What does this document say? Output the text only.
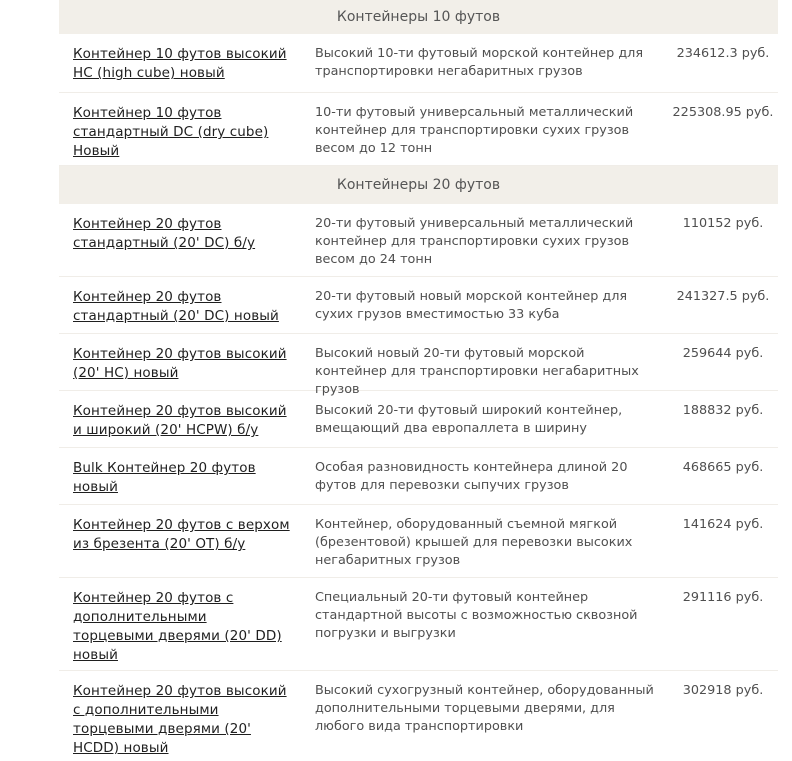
Контейнеры 10 футов
Контейнер 10 футов высокий HC (high cube) новый
Высокий 10-ти футовый морской контейнер для транспортировки негабаритных грузов
234612.3 руб.
Контейнер 10 футов стандартный DC (dry cube) Новый
10-ти футовый универсальный металлический контейнер для транспортировки сухих грузов весом до 12 тонн
225308.95 руб.
Контейнеры 20 футов
Контейнер 20 футов стандартный (20' DC) б/у
20-ти футовый универсальный металлический контейнер для транспортировки сухих грузов весом до 24 тонн
110152 руб.
Контейнер 20 футов стандартный (20' DC) новый
20-ти футовый новый морской контейнер для сухих грузов вместимостью 33 куба
241327.5 руб.
Контейнер 20 футов высокий (20' HC) новый
Высокий новый 20-ти футовый морской контейнер для транспортировки негабаритных грузов
259644 руб.
Контейнер 20 футов высокий и широкий (20' HCPW) б/у
Высокий 20-ти футовый широкий контейнер, вмещающий два европаллета в ширину
188832 руб.
Bulk Контейнер 20 футов новый
Особая разновидность контейнера длиной 20 футов для перевозки сыпучих грузов
468665 руб.
Контейнер 20 футов с верхом из брезента (20' OT) б/у
Контейнер, оборудованный съемной мягкой (брезентовой) крышей для перевозки высоких негабаритных грузов
141624 руб.
Контейнер 20 футов с дополнительными торцевыми дверями (20' DD) новый
Специальный 20-ти футовый контейнер стандартной высоты с возможностью сквозной погрузки и выгрузки
291116 руб.
Контейнер 20 футов высокий с дополнительными торцевыми дверями (20' HCDD) новый
Высокий сухогрузный контейнер, оборудованный дополнительными торцевыми дверями, для любого вида транспортировки
302918 руб.
